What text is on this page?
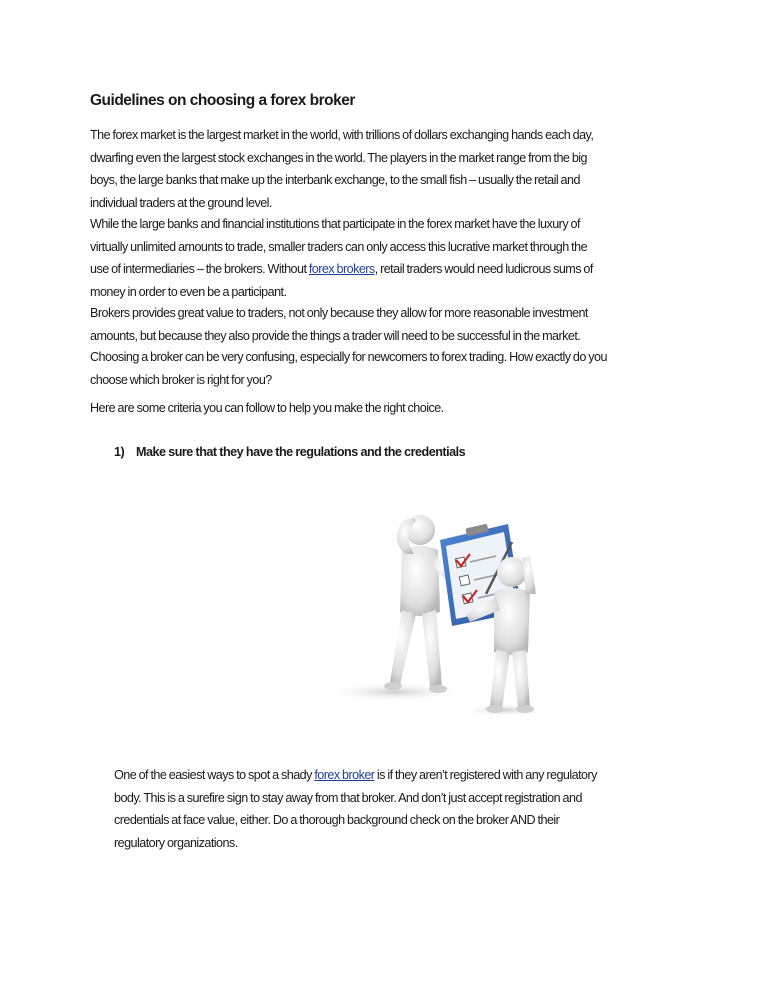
Guidelines on choosing a forex broker

The forex market is the largest market in the world, with trillions of dollars exchanging hands each day,
dwarfing even the largest stock exchanges in the world. The players in the market range from the big
boys, the large banks that make up the interbank exchange, to the small fish – usually the retail and
individual traders at the ground level.

While the large banks and financial institutions that participate in the forex market have the luxury of
virtually unlimited amounts to trade, smaller traders can only access this lucrative market through the
use of intermediaries – the brokers. Without forex brokers, retail traders would need ludicrous sums of
money in order to even be a participant.

Brokers provides great value to traders, not only because they allow for more reasonable investment
amounts, but because they also provide the things a trader will need to be successful in the market.

Choosing a broker can be very confusing, especially for newcomers to forex trading. How exactly do you
choose which broker is right for you?

Here are some criteria you can follow to help you make the right choice.

1) Make sure that they have the regulations and the credentials

One of the easiest ways to spot a shady forex broker is if they aren’t registered with any regulatory
body. This is a surefire sign to stay away from that broker. And don’t just accept registration and
credentials at face value, either. Do a thorough background check on the broker AND their
regulatory organizations.
